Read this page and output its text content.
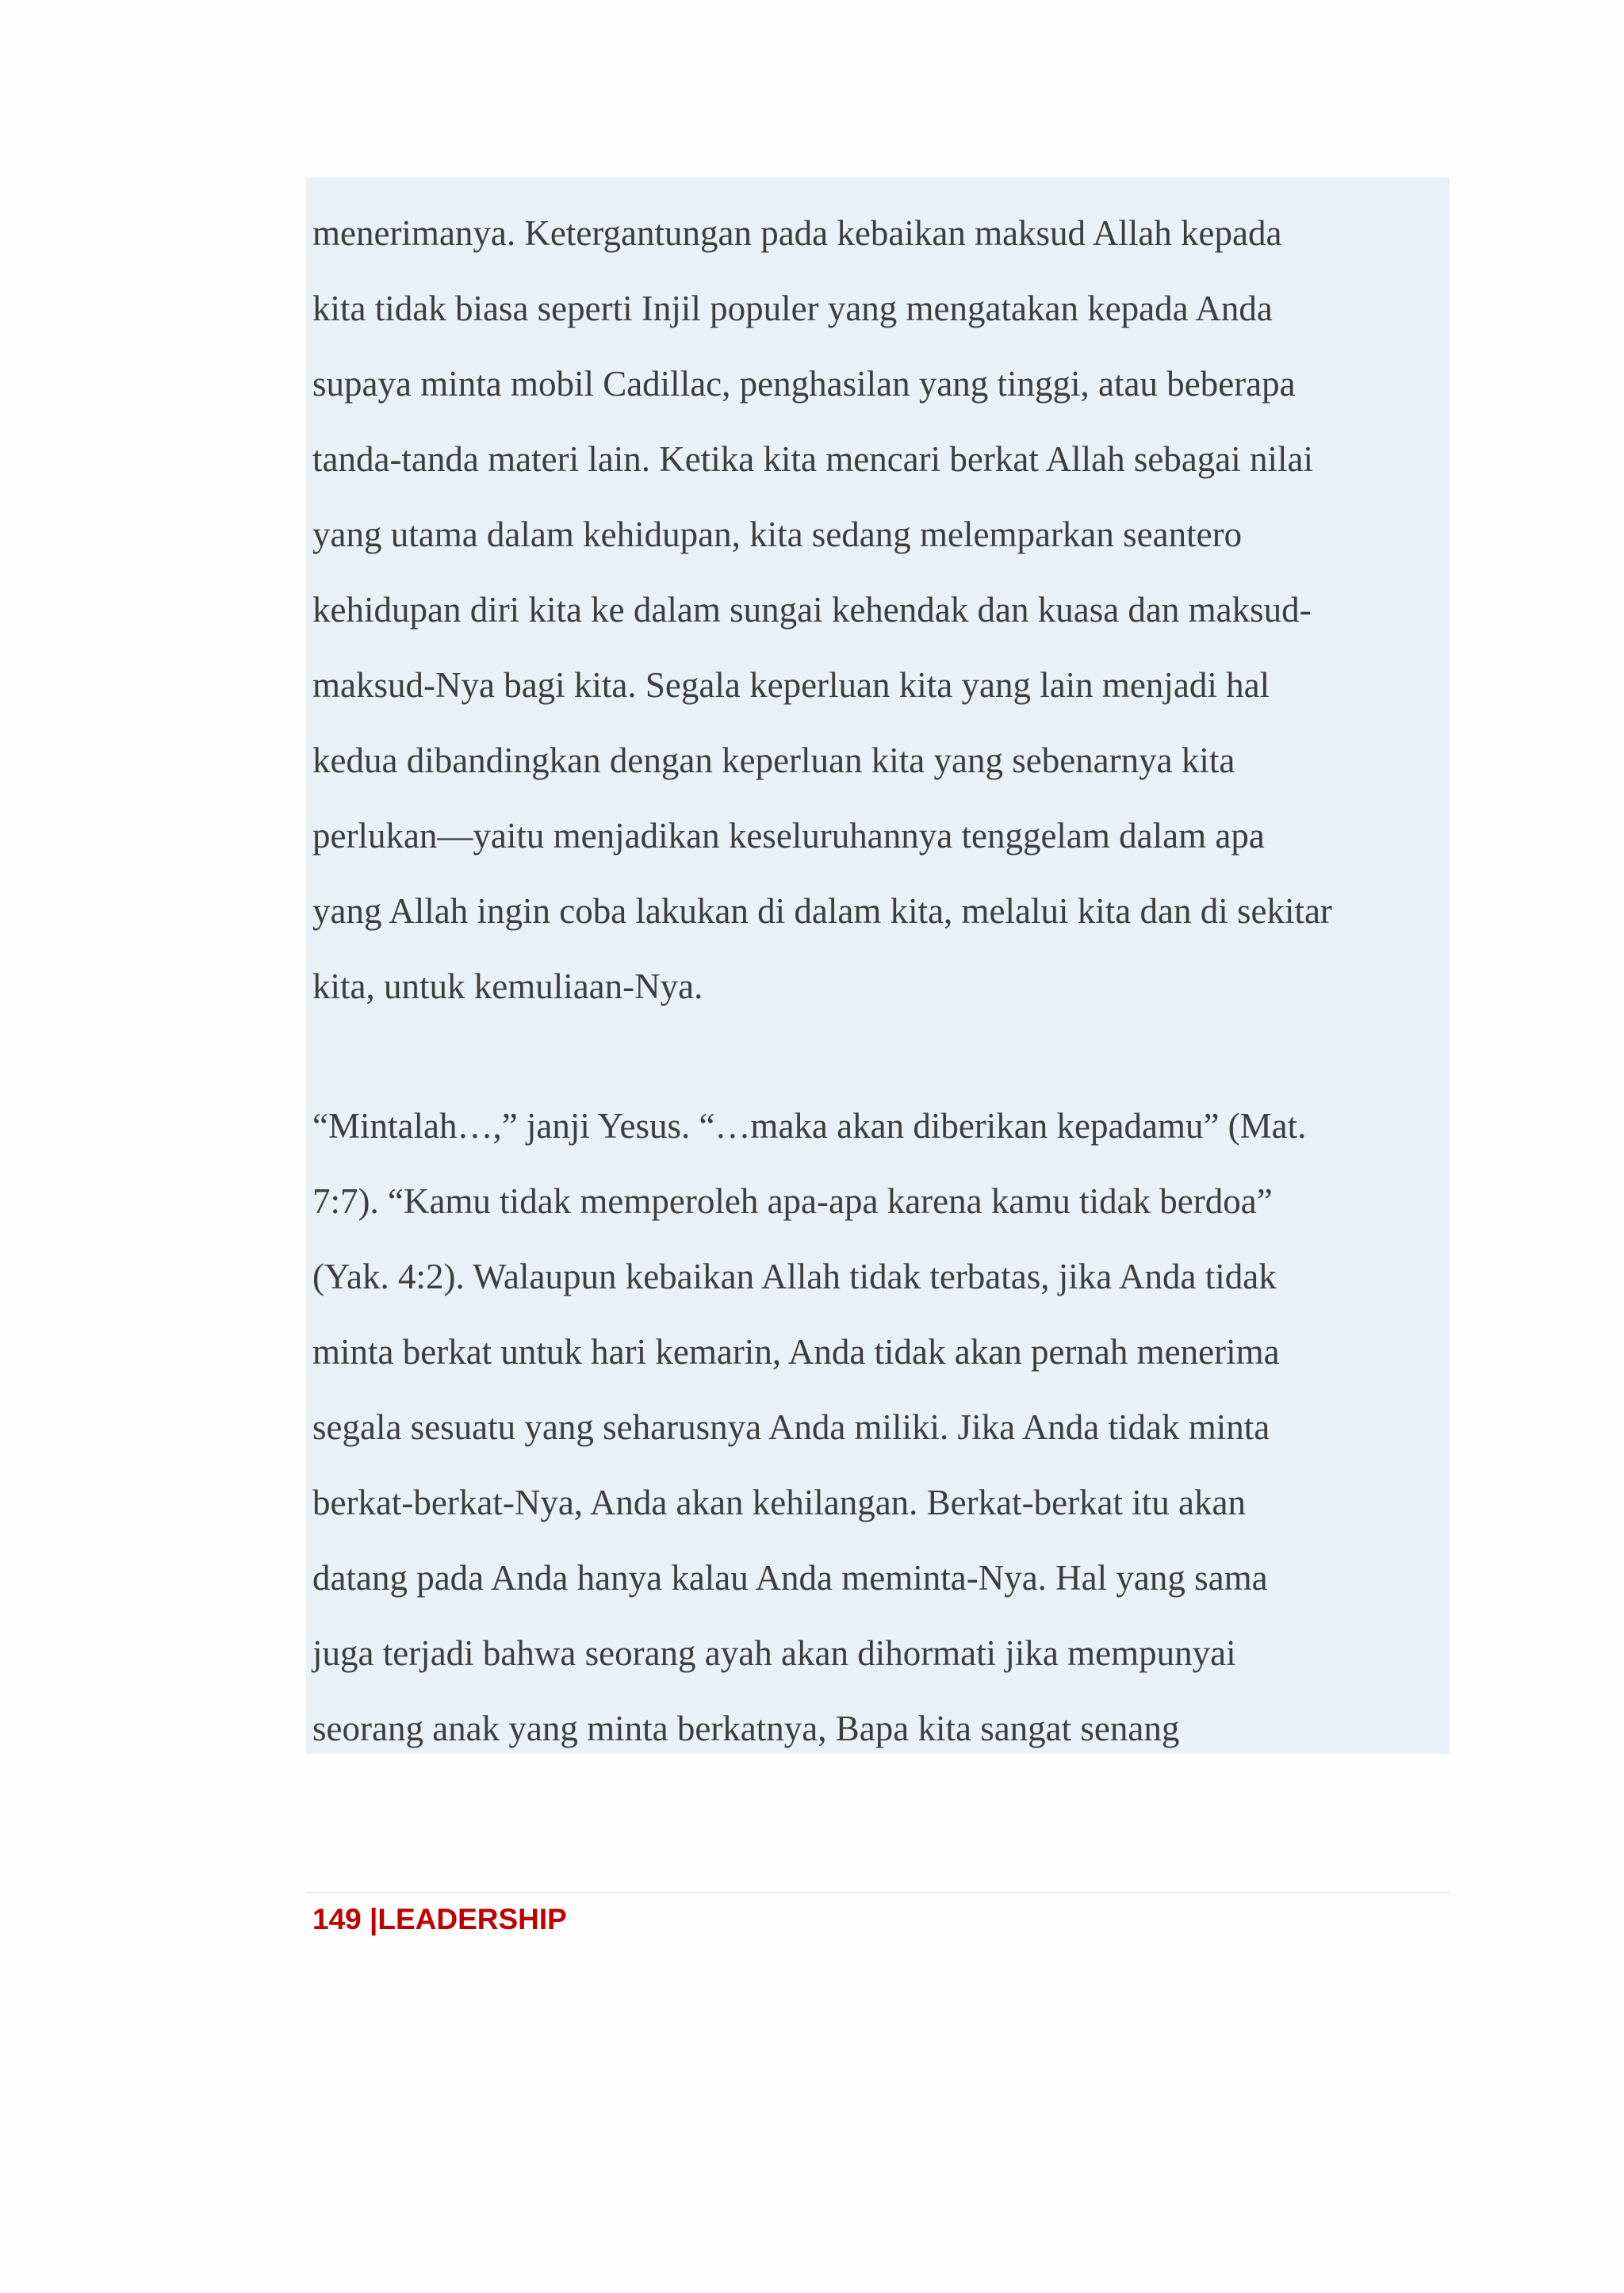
menerimanya. Ketergantungan pada kebaikan maksud Allah kepada
kita tidak biasa seperti Injil populer yang mengatakan kepada Anda
supaya minta mobil Cadillac, penghasilan yang tinggi, atau beberapa
tanda-tanda materi lain. Ketika kita mencari berkat Allah sebagai nilai
yang utama dalam kehidupan, kita sedang melemparkan seantero
kehidupan diri kita ke dalam sungai kehendak dan kuasa dan maksud-
maksud-Nya bagi kita. Segala keperluan kita yang lain menjadi hal
kedua dibandingkan dengan keperluan kita yang sebenarnya kita
perlukan—yaitu menjadikan keseluruhannya tenggelam dalam apa
yang Allah ingin coba lakukan di dalam kita, melalui kita dan di sekitar
kita, untuk kemuliaan-Nya.
“Mintalah…,” janji Yesus. “…maka akan diberikan kepadamu” (Mat.
7:7). “Kamu tidak memperoleh apa-apa karena kamu tidak berdoa”
(Yak. 4:2). Walaupun kebaikan Allah tidak terbatas, jika Anda tidak
minta berkat untuk hari kemarin, Anda tidak akan pernah menerima
segala sesuatu yang seharusnya Anda miliki. Jika Anda tidak minta
berkat-berkat-Nya, Anda akan kehilangan. Berkat-berkat itu akan
datang pada Anda hanya kalau Anda meminta-Nya. Hal yang sama
juga terjadi bahwa seorang ayah akan dihormati jika mempunyai
seorang anak yang minta berkatnya, Bapa kita sangat senang
149 |LEADERSHIP
